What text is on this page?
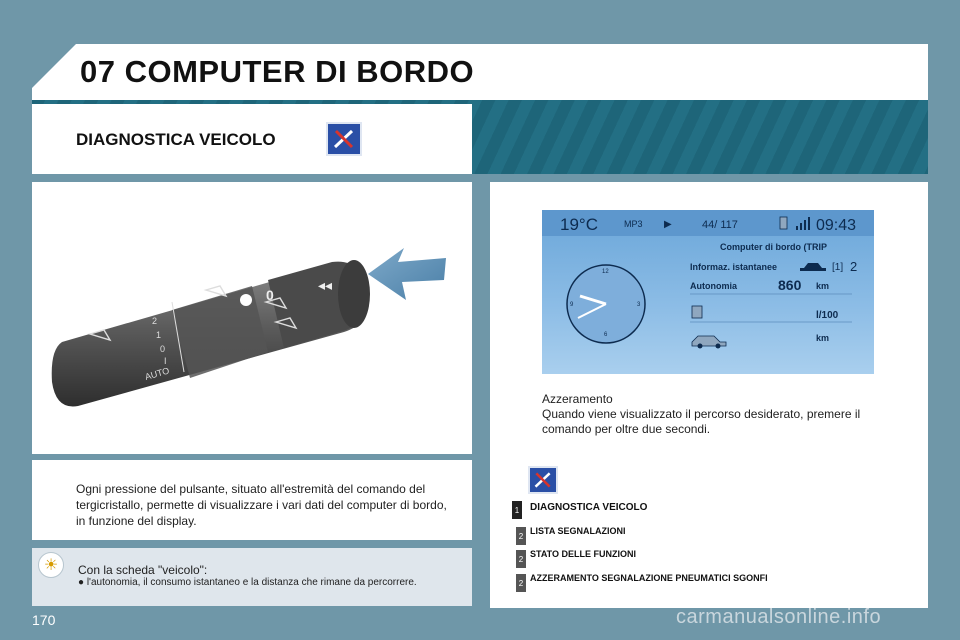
07 COMPUTER DI BORDO
DIAGNOSTICA VEICOLO
2
1
0
I
AUTO
0
◂◂
Ogni pressione del pulsante, situato all'estremità del comando del tergicristallo, permette di visualizzare i vari dati del computer di bordo, in funzione del display.
☀	Con la scheda "veicolo":
● l'autonomia, il consumo istantaneo e la distanza che rimane da percorrere.
19°C	MP3 ▶	44/ 117	09:43
Computer di bordo (TRIP
12
3
6
9
Informaz. istantanee	[1] 2
Autonomia	860 km
l/100
km
Azzeramento
Quando viene visualizzato il percorso desiderato, premere il comando per oltre due secondi.
1 DIAGNOSTICA VEICOLO
2 LISTA SEGNALAZIONI
2 STATO DELLE FUNZIONI
2 AZZERAMENTO SEGNALAZIONE PNEUMATICI SGONFI
170	carmanualsonline.info
